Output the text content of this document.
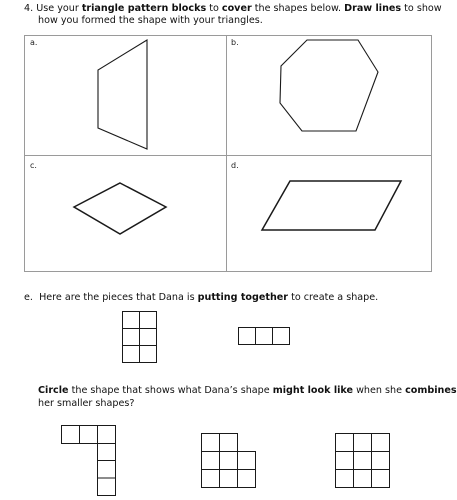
4. Use your triangle pattern blocks to cover the shapes below. Draw lines to show
how you formed the shape with your triangles.
a.	b.
c.	d.
e. Here are the pieces that Dana is putting together to create a shape.
Circle the shape that shows what Dana’s shape might look like when she combines
her smaller shapes?
